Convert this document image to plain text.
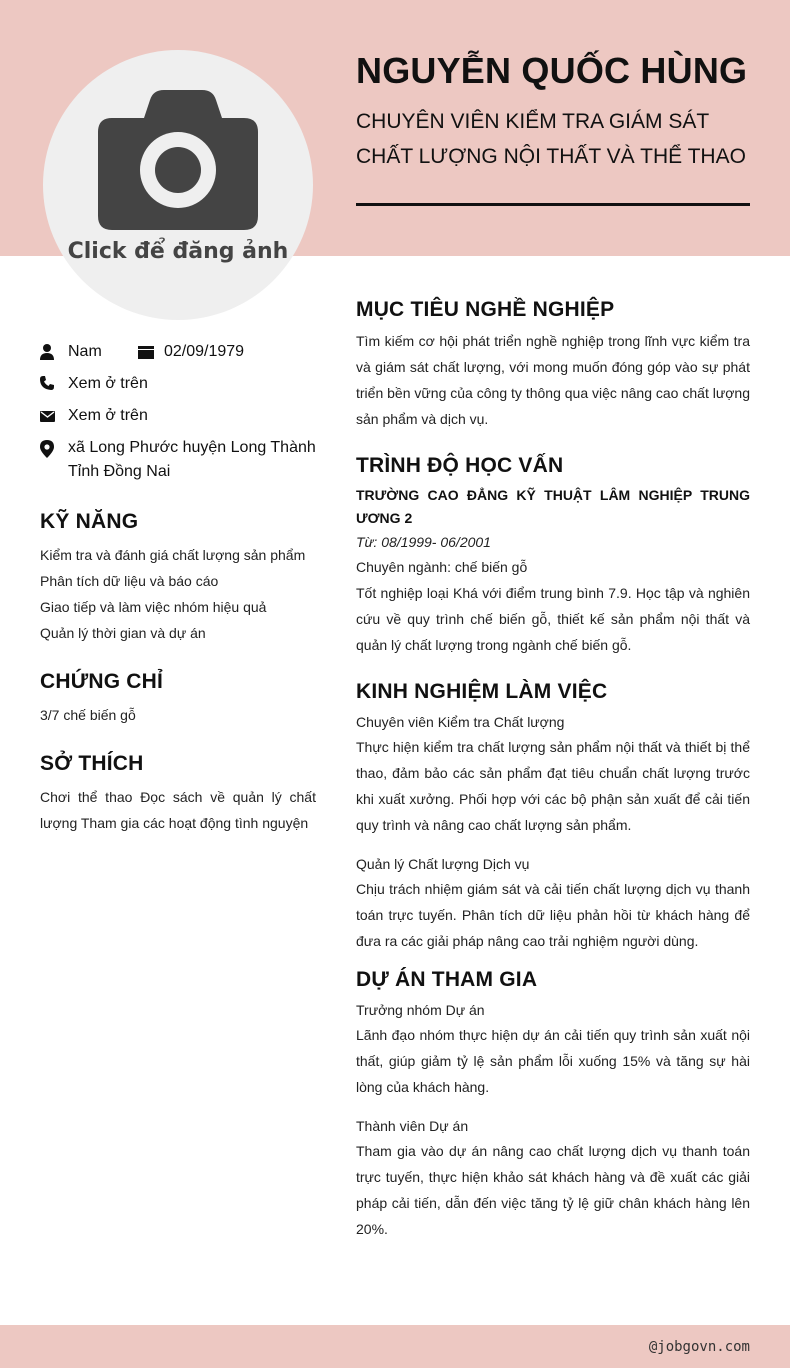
Click để đăng ảnh
NGUYỄN QUỐC HÙNG
CHUYÊN VIÊN KIỂM TRA GIÁM SÁT
CHẤT LƯỢNG NỘI THẤT VÀ THỂ THAO
Nam	02/09/1979
Xem ở trên
Xem ở trên
xã Long Phước huyện Long Thành Tỉnh Đồng Nai
KỸ NĂNG
Kiểm tra và đánh giá chất lượng sản phẩm
Phân tích dữ liệu và báo cáo
Giao tiếp và làm việc nhóm hiệu quả
Quản lý thời gian và dự án
CHỨNG CHỈ
3/7 chế biến gỗ
SỞ THÍCH
Chơi thể thao Đọc sách về quản lý chất lượng Tham gia các hoạt động tình nguyện
MỤC TIÊU NGHỀ NGHIỆP
Tìm kiếm cơ hội phát triển nghề nghiệp trong lĩnh vực kiểm tra và giám sát chất lượng, với mong muốn đóng góp vào sự phát triển bền vững của công ty thông qua việc nâng cao chất lượng sản phẩm và dịch vụ.
TRÌNH ĐỘ HỌC VẤN
TRƯỜNG CAO ĐẲNG KỸ THUẬT LÂM NGHIỆP TRUNG ƯƠNG 2
Từ: 08/1999- 06/2001
Chuyên ngành: chế biến gỗ
Tốt nghiệp loại Khá với điểm trung bình 7.9. Học tập và nghiên cứu về quy trình chế biến gỗ, thiết kế sản phẩm nội thất và quản lý chất lượng trong ngành chế biến gỗ.
KINH NGHIỆM LÀM VIỆC
Chuyên viên Kiểm tra Chất lượng
Thực hiện kiểm tra chất lượng sản phẩm nội thất và thiết bị thể thao, đảm bảo các sản phẩm đạt tiêu chuẩn chất lượng trước khi xuất xưởng. Phối hợp với các bộ phận sản xuất để cải tiến quy trình và nâng cao chất lượng sản phẩm.
Quản lý Chất lượng Dịch vụ
Chịu trách nhiệm giám sát và cải tiến chất lượng dịch vụ thanh toán trực tuyến. Phân tích dữ liệu phản hồi từ khách hàng để đưa ra các giải pháp nâng cao trải nghiệm người dùng.
DỰ ÁN THAM GIA
Trưởng nhóm Dự án
Lãnh đạo nhóm thực hiện dự án cải tiến quy trình sản xuất nội thất, giúp giảm tỷ lệ sản phẩm lỗi xuống 15% và tăng sự hài lòng của khách hàng.
Thành viên Dự án
Tham gia vào dự án nâng cao chất lượng dịch vụ thanh toán trực tuyến, thực hiện khảo sát khách hàng và đề xuất các giải pháp cải tiến, dẫn đến việc tăng tỷ lệ giữ chân khách hàng lên 20%.
@jobgovn.com
